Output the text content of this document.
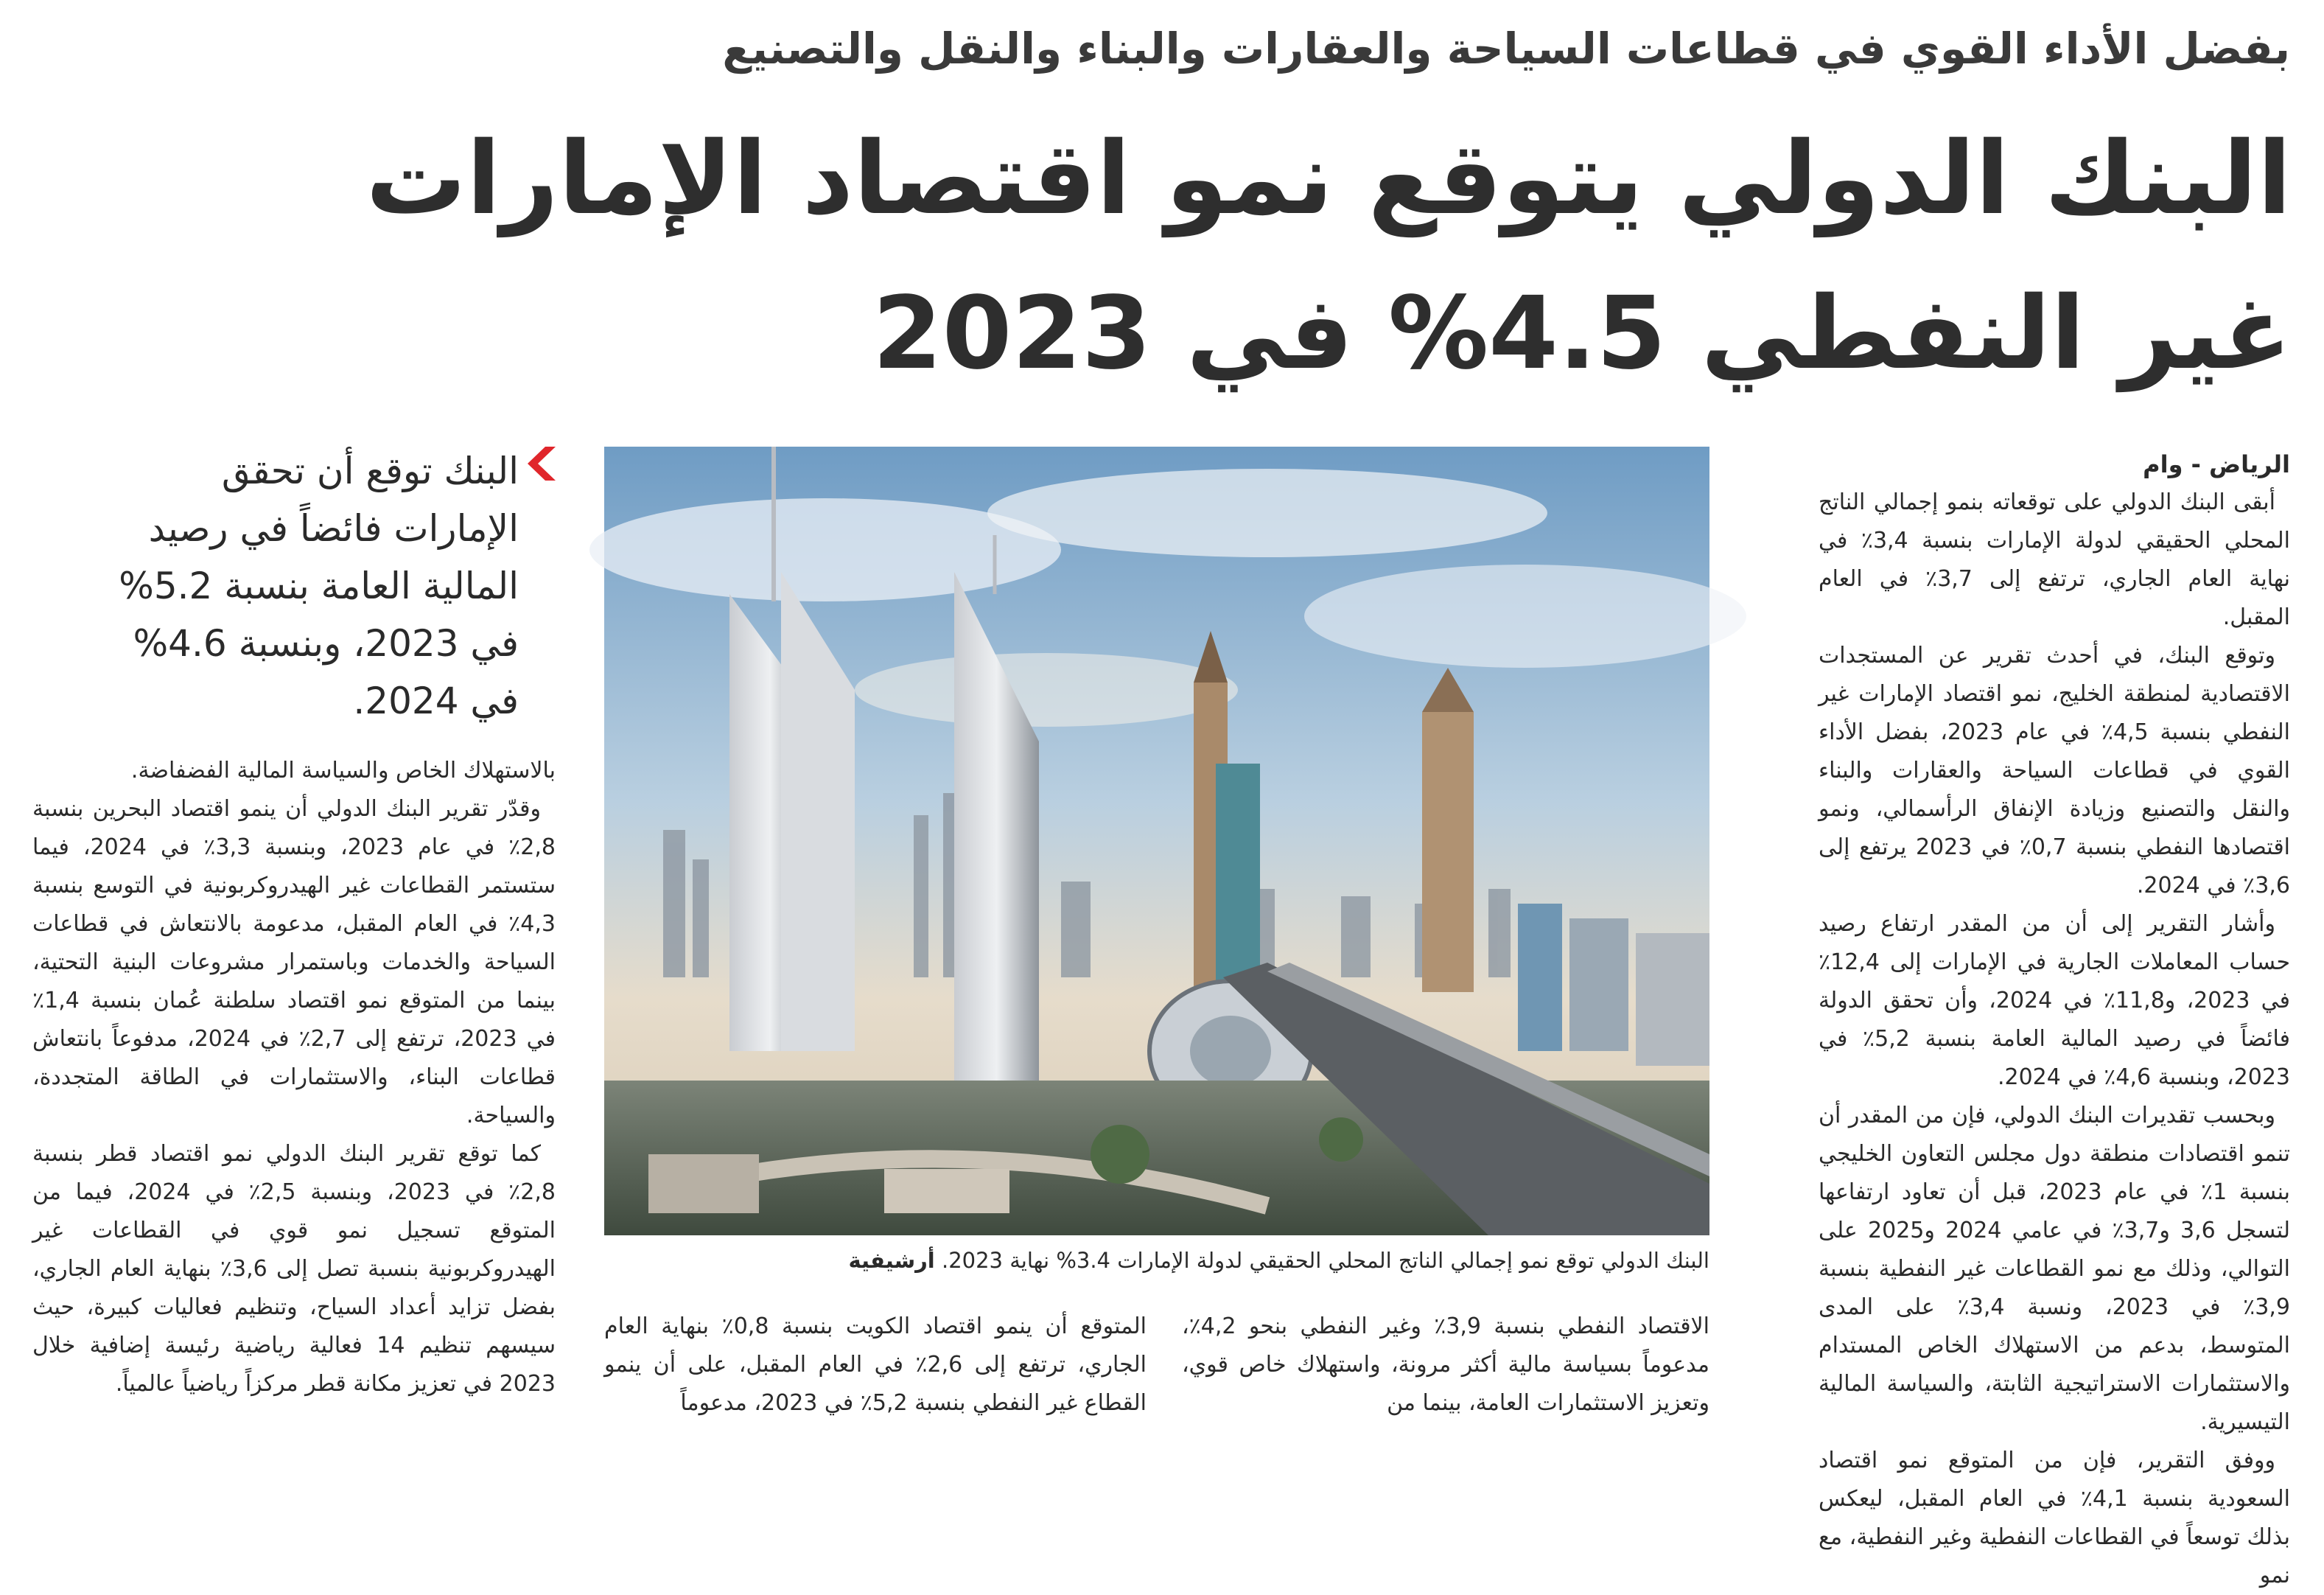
بفضل الأداء القوي في قطاعات السياحة والعقارات والبناء والنقل والتصنيع
البنك الدولي يتوقع نمو اقتصاد الإمارات
غير النفطي 4.5% في 2023

الرياض - وام

أبقى البنك الدولي على توقعاته بنمو إجمالي الناتج المحلي الحقيقي لدولة الإمارات بنسبة 3,4٪ في نهاية العام الجاري، ترتفع إلى 3,7٪ في العام المقبل.

وتوقع البنك، في أحدث تقرير عن المستجدات الاقتصادية لمنطقة الخليج، نمو اقتصاد الإمارات غير النفطي بنسبة 4,5٪ في عام 2023، بفضل الأداء القوي في قطاعات السياحة والعقارات والبناء والنقل والتصنيع وزيادة الإنفاق الرأسمالي، ونمو اقتصادها النفطي بنسبة 0,7٪ في 2023 يرتفع إلى 3,6٪ في 2024.

وأشار التقرير إلى أن من المقدر ارتفاع رصيد حساب المعاملات الجارية في الإمارات إلى 12,4٪ في 2023، و11,8٪ في 2024، وأن تحقق الدولة فائضاً في رصيد المالية العامة بنسبة 5,2٪ في 2023، وبنسبة 4,6٪ في 2024.

وبحسب تقديرات البنك الدولي، فإن من المقدر أن تنمو اقتصادات منطقة دول مجلس التعاون الخليجي بنسبة 1٪ في عام 2023، قبل أن تعاود ارتفاعها لتسجل 3,6 و3,7٪ في عامي 2024 و2025 على التوالي، وذلك مع نمو القطاعات غير النفطية بنسبة 3,9٪ في 2023، ونسبة 3,4٪ على المدى المتوسط، بدعم من الاستهلاك الخاص المستدام والاستثمارات الاستراتيجية الثابتة، والسياسة المالية التيسيرية.

ووفق التقرير، فإن من المتوقع نمو اقتصاد السعودية بنسبة 4,1٪ في العام المقبل، ليعكس بذلك توسعاً في القطاعات النفطية وغير النفطية، مع نمو

البنك توقع أن تحقق
الإمارات فائضاً في رصيد
المالية العامة بنسبة 5.2%
في 2023، وبنسبة 4.6%
في 2024.

بالاستهلاك الخاص والسياسة المالية الفضفاضة.

وقدّر تقرير البنك الدولي أن ينمو اقتصاد البحرين بنسبة 2,8٪ في عام 2023، وبنسبة 3,3٪ في 2024، فيما ستستمر القطاعات غير الهيدروكربونية في التوسع بنسبة 4,3٪ في العام المقبل، مدعومة بالانتعاش في قطاعات السياحة والخدمات وباستمرار مشروعات البنية التحتية، بينما من المتوقع نمو اقتصاد سلطنة عُمان بنسبة 1,4٪ في 2023، ترتفع إلى 2,7٪ في 2024، مدفوعاً بانتعاش قطاعات البناء، والاستثمارات في الطاقة المتجددة، والسياحة.

كما توقع تقرير البنك الدولي نمو اقتصاد قطر بنسبة 2,8٪ في 2023، وبنسبة 2,5٪ في 2024، فيما من المتوقع تسجيل نمو قوي في القطاعات غير الهيدروكربونية بنسبة تصل إلى 3,6٪ بنهاية العام الجاري، بفضل تزايد أعداد السياح، وتنظيم فعاليات كبيرة، حيث سيسهم تنظيم 14 فعالية رياضية رئيسة إضافية خلال 2023 في تعزيز مكانة قطر مركزاً رياضياً عالمياً.

البنك الدولي توقع نمو إجمالي الناتج المحلي الحقيقي لدولة الإمارات 3.4% نهاية 2023. أرشيفية

الاقتصاد النفطي بنسبة 3,9٪ وغير النفطي بنحو 4,2٪، مدعوماً بسياسة مالية أكثر مرونة، واستهلاك خاص قوي، وتعزيز الاستثمارات العامة، بينما من

المتوقع أن ينمو اقتصاد الكويت بنسبة 0,8٪ بنهاية العام الجاري، ترتفع إلى 2,6٪ في العام المقبل، على أن ينمو القطاع غير النفطي بنسبة 5,2٪ في 2023، مدعوماً
